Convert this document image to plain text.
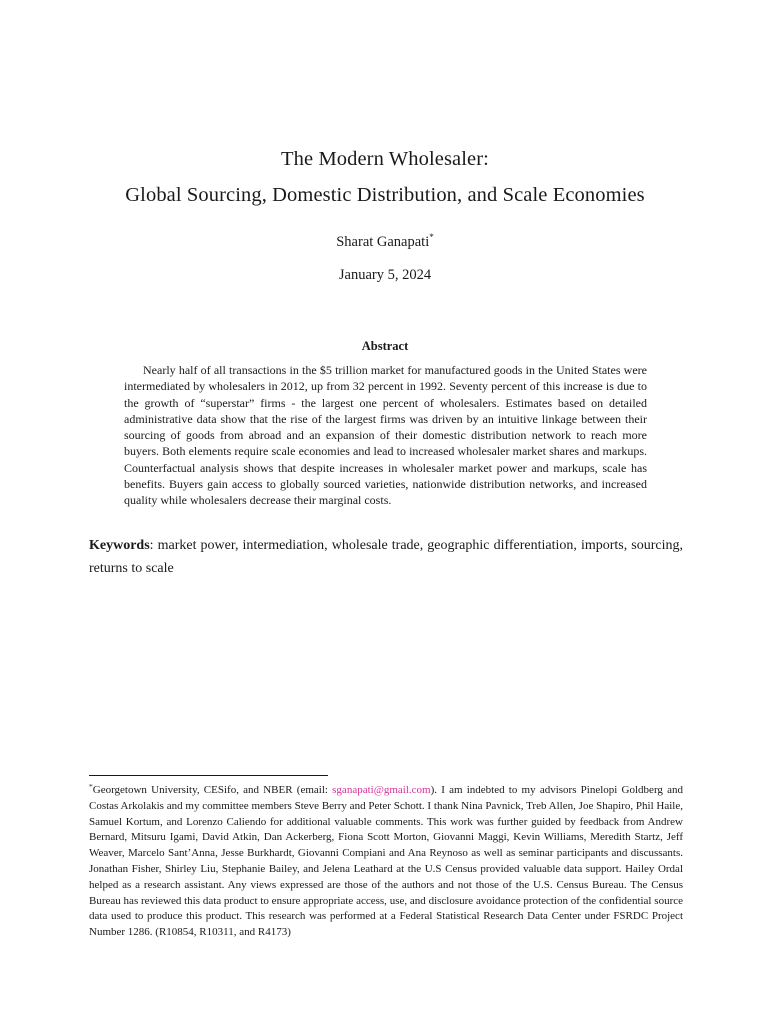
The Modern Wholesaler:
Global Sourcing, Domestic Distribution, and Scale Economies
Sharat Ganapati*
January 5, 2024
Abstract
Nearly half of all transactions in the $5 trillion market for manufactured goods in the United States were intermediated by wholesalers in 2012, up from 32 percent in 1992. Seventy percent of this increase is due to the growth of “superstar” firms - the largest one percent of wholesalers. Estimates based on detailed administrative data show that the rise of the largest firms was driven by an intuitive linkage between their sourcing of goods from abroad and an expansion of their domestic distribution network to reach more buyers. Both elements require scale economies and lead to increased wholesaler market shares and markups. Counterfactual analysis shows that despite increases in wholesaler market power and markups, scale has benefits. Buyers gain access to globally sourced varieties, nationwide distribution networks, and increased quality while wholesalers decrease their marginal costs.
Keywords: market power, intermediation, wholesale trade, geographic differentiation, imports, sourcing, returns to scale
*Georgetown University, CESifo, and NBER (email: sganapati@gmail.com). I am indebted to my advisors Pinelopi Goldberg and Costas Arkolakis and my committee members Steve Berry and Peter Schott. I thank Nina Pavnick, Treb Allen, Joe Shapiro, Phil Haile, Samuel Kortum, and Lorenzo Caliendo for additional valuable comments. This work was further guided by feedback from Andrew Bernard, Mitsuru Igami, David Atkin, Dan Ackerberg, Fiona Scott Morton, Giovanni Maggi, Kevin Williams, Meredith Startz, Jeff Weaver, Marcelo Sant’Anna, Jesse Burkhardt, Giovanni Compiani and Ana Reynoso as well as seminar participants and discussants. Jonathan Fisher, Shirley Liu, Stephanie Bailey, and Jelena Leathard at the U.S Census provided valuable data support. Hailey Ordal helped as a research assistant. Any views expressed are those of the authors and not those of the U.S. Census Bureau. The Census Bureau has reviewed this data product to ensure appropriate access, use, and disclosure avoidance protection of the confidential source data used to produce this product. This research was performed at a Federal Statistical Research Data Center under FSRDC Project Number 1286. (R10854, R10311, and R4173)
